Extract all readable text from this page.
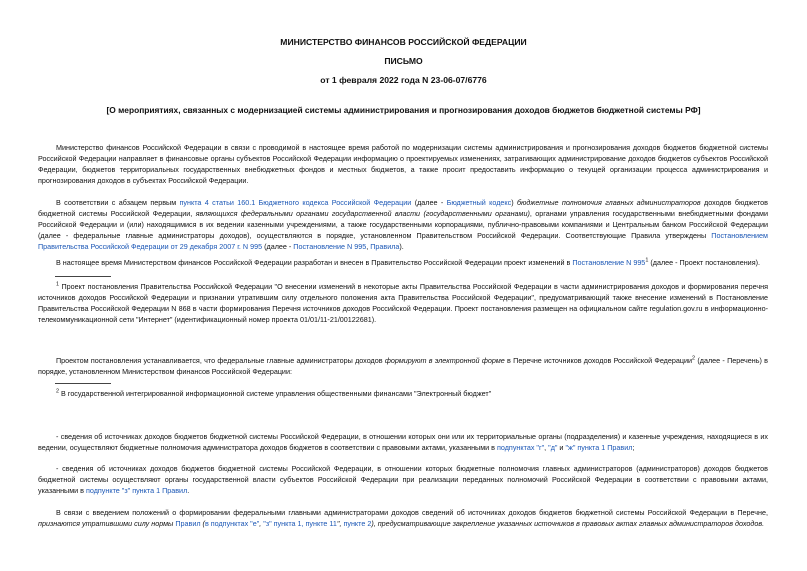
МИНИСТЕРСТВО ФИНАНСОВ РОССИЙСКОЙ ФЕДЕРАЦИИ
ПИСЬМО
от 1 февраля 2022 года N 23-06-07/6776
[О мероприятиях, связанных с модернизацией системы администрирования и прогнозирования доходов бюджетов бюджетной системы РФ]

Министерство финансов Российской Федерации в связи с проводимой в настоящее время работой по модернизации системы администрирования и прогнозирования доходов бюджетов бюджетной системы Российской Федерации направляет в финансовые органы субъектов Российской Федерации информацию о проектируемых изменениях, затрагивающих администрирование доходов бюджетов субъектов Российской Федерации, бюджетов территориальных государственных внебюджетных фондов и местных бюджетов, а также просит предоставить информацию о текущей организации процесса администрирования и прогнозирования доходов в субъектах Российской Федерации.

В соответствии с абзацем первым пункта 4 статьи 160.1 Бюджетного кодекса Российской Федерации (далее - Бюджетный кодекс) бюджетные полномочия главных администраторов доходов бюджетов бюджетной системы Российской Федерации, являющихся федеральными органами государственной власти (государственными органами), органами управления государственными внебюджетными фондами Российской Федерации и (или) находящимися в их ведении казенными учреждениями, а также государственными корпорациями, публично-правовыми компаниями и Центральным банком Российской Федерации (далее - федеральные главные администраторы доходов), осуществляются в порядке, установленном Правительством Российской Федерации. Соответствующие Правила утверждены Постановлением Правительства Российской Федерации от 29 декабря 2007 г. N 995 (далее - Постановление N 995, Правила).

В настоящее время Министерством финансов Российской Федерации разработан и внесен в Правительство Российской Федерации проект изменений в Постановление N $995^1$ (далее - Проект постановления).

$^1$ Проект постановления Правительства Российской Федерации "О внесении изменений в некоторые акты Правительства Российской Федерации в части администрирования доходов и формирования перечня источников доходов Российской Федерации и признании утратившим силу отдельного положения акта Правительства Российской Федерации", предусматривающий также внесение изменений в Постановление Правительства Российской Федерации N 868 в части формирования Перечня источников доходов Российской Федерации. Проект постановления размещен на официальном сайте regulation.gov.ru в информационно-телекоммуникационной сети "Интернет" (идентификационный номер проекта 01/01/11-21/00122681).

Проектом постановления устанавливается, что федеральные главные администраторы доходов формируют в электронной форме в Перечне источников доходов Российской Федерации$^2$ (далее - Перечень) в порядке, установленном Министерством финансов Российской Федерации:

$^2$ В государственной интегрированной информационной системе управления общественными финансами "Электронный бюджет"

- сведения об источниках доходов бюджетов бюджетной системы Российской Федерации, в отношении которых они или их территориальные органы (подразделения) и казенные учреждения, находящиеся в их ведении, осуществляют бюджетные полномочия администратора доходов бюджетов в соответствии с правовыми актами, указанными в подпунктах "г", "д" и "ж" пункта 1 Правил;

- сведения об источниках доходов бюджетов бюджетной системы Российской Федерации, в отношении которых бюджетные полномочия главных администраторов (администраторов) доходов бюджетов бюджетной системы осуществляют органы государственной власти субъектов Российской Федерации при реализации переданных полномочий Российской Федерации в соответствии с правовыми актами, указанными в подпункте "з" пункта 1 Правил.

В связи с введением положений о формировании федеральными главными администраторами доходов сведений об источниках доходов бюджетов бюджетной системы Российской Федерации в Перечне, признаются утратившими силу нормы Правил (в подпунктах "е", "з" пункта 1, пункте 11", пункте 2), предусматривающие закрепление указанных источников в правовых актах главных администраторов доходов.
